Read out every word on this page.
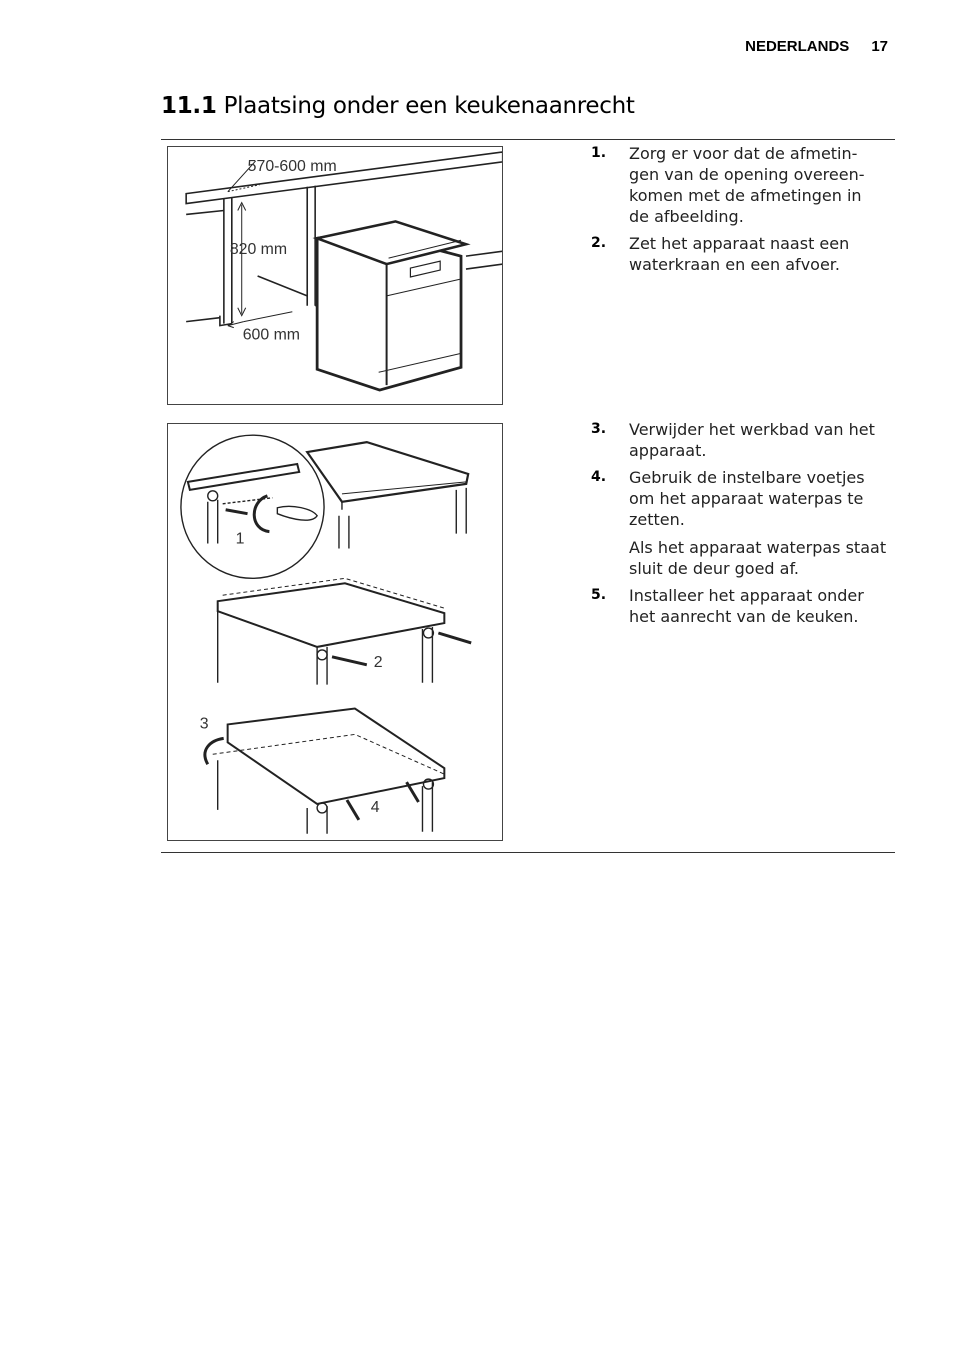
NEDERLANDS 17
11.1 Plaatsing onder een keukenaanrecht
570-600 mm
820 mm
600 mm
1
2
3
4
1. Zorg er voor dat de afmetin-gen van de opening overeen-komen met de afmetingen in de afbeelding.
2. Zet het apparaat naast een waterkraan en een afvoer.
3. Verwijder het werkbad van het apparaat.
4. Gebruik de instelbare voetjes om het apparaat waterpas te zetten.
Als het apparaat waterpas staat sluit de deur goed af.
5. Installeer het apparaat onder het aanrecht van de keuken.
